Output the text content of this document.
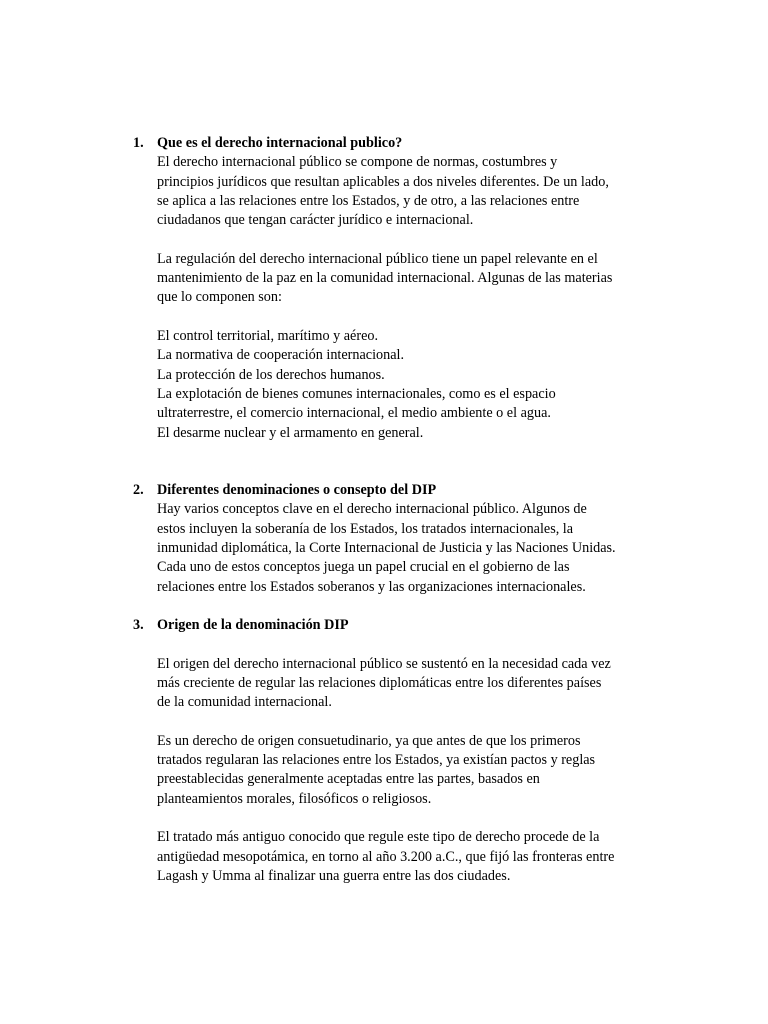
1. Que es el derecho internacional publico?
El derecho internacional público se compone de normas, costumbres y
principios jurídicos que resultan aplicables a dos niveles diferentes. De un lado,
se aplica a las relaciones entre los Estados, y de otro, a las relaciones entre
ciudadanos que tengan carácter jurídico e internacional.
La regulación del derecho internacional público tiene un papel relevante en el
mantenimiento de la paz en la comunidad internacional. Algunas de las materias
que lo componen son:
El control territorial, marítimo y aéreo.
La normativa de cooperación internacional.
La protección de los derechos humanos.
La explotación de bienes comunes internacionales, como es el espacio
ultraterrestre, el comercio internacional, el medio ambiente o el agua.
El desarme nuclear y el armamento en general.
2. Diferentes denominaciones o consepto del DIP
Hay varios conceptos clave en el derecho internacional público. Algunos de
estos incluyen la soberanía de los Estados, los tratados internacionales, la
inmunidad diplomática, la Corte Internacional de Justicia y las Naciones Unidas.
Cada uno de estos conceptos juega un papel crucial en el gobierno de las
relaciones entre los Estados soberanos y las organizaciones internacionales.
3. Origen de la denominación DIP
El origen del derecho internacional público se sustentó en la necesidad cada vez
más creciente de regular las relaciones diplomáticas entre los diferentes países
de la comunidad internacional.
Es un derecho de origen consuetudinario, ya que antes de que los primeros
tratados regularan las relaciones entre los Estados, ya existían pactos y reglas
preestablecidas generalmente aceptadas entre las partes, basados en
planteamientos morales, filosóficos o religiosos.
El tratado más antiguo conocido que regule este tipo de derecho procede de la
antigüedad mesopotámica, en torno al año 3.200 a.C., que fijó las fronteras entre
Lagash y Umma al finalizar una guerra entre las dos ciudades.
